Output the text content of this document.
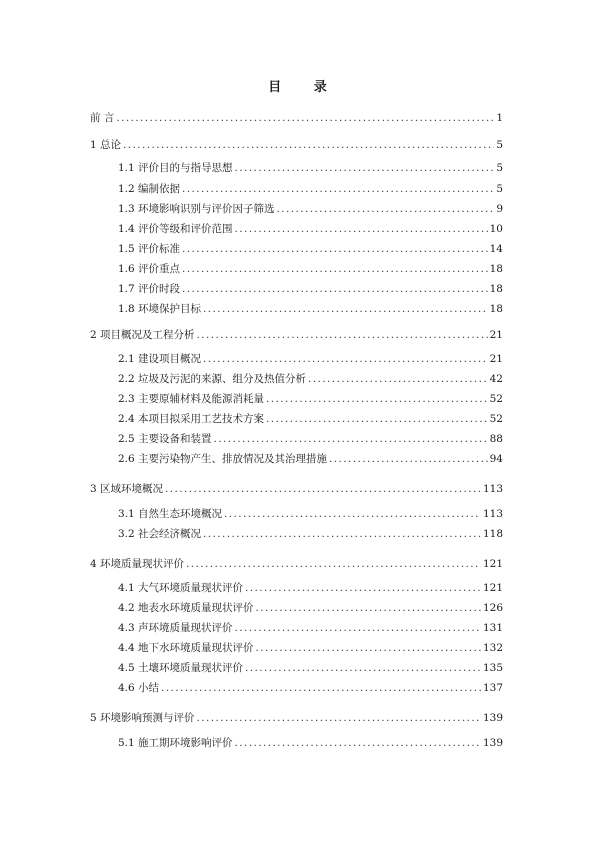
目 录
前 言 .....	1
1 总论 .....	5
1.1 评价目的与指导思想 .....	5
1.2 编制依据 .....	5
1.3 环境影响识别与评价因子筛选 .....	9
1.4 评价等级和评价范围 .....	10
1.5 评价标准 .....	14
1.6 评价重点 .....	18
1.7 评价时段 .....	18
1.8 环境保护目标 .....	18
2 项目概况及工程分析 .....	21
2.1 建设项目概况 .....	21
2.2 垃圾及污泥的来源、组分及热值分析 .....	42
2.3 主要原辅材料及能源消耗量 .....	52
2.4 本项目拟采用工艺技术方案 .....	52
2.5 主要设备和装置 .....	88
2.6 主要污染物产生、排放情况及其治理措施 .....	94
3 区域环境概况 .....	113
3.1 自然生态环境概况 .....	113
3.2 社会经济概况 .....	118
4 环境质量现状评价 .....	121
4.1 大气环境质量现状评价 .....	121
4.2 地表水环境质量现状评价 .....	126
4.3 声环境质量现状评价 .....	131
4.4 地下水环境质量现状评价 .....	132
4.5 土壤环境质量现状评价 .....	135
4.6 小结 .....	137
5 环境影响预测与评价 .....	139
5.1 施工期环境影响评价 .....	139
